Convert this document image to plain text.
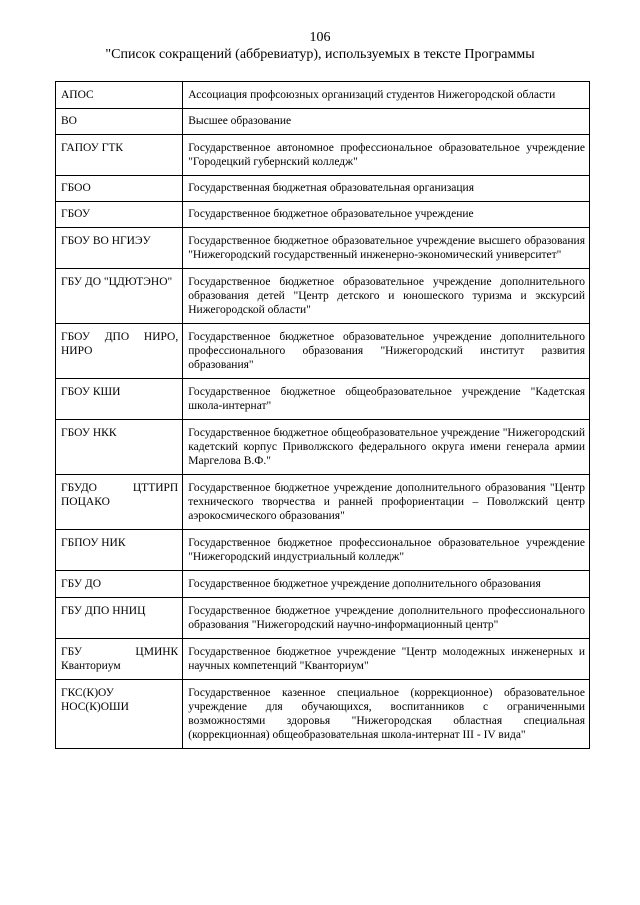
106
"Список сокращений (аббревиатур), используемых в тексте Программы
АПОС	Ассоциация профсоюзных организаций студентов Нижегородской области
ВО	Высшее образование
ГАПОУ ГТК	Государственное автономное профессиональное образовательное учреждение "Городецкий губернский колледж"
ГБОО	Государственная бюджетная образовательная организация
ГБОУ	Государственное бюджетное образовательное учреждение
ГБОУ ВО НГИЭУ	Государственное бюджетное образовательное учреждение высшего образования "Нижегородский государственный инженерно-экономический университет"
ГБУ ДО "ЦДЮТЭНО"	Государственное бюджетное образовательное учреждение дополнительного образования детей "Центр детского и юношеского туризма и экскурсий Нижегородской области"
ГБОУ ДПО НИРО, НИРО	Государственное бюджетное образовательное учреждение дополнительного профессионального образования "Нижегородский институт развития образования"
ГБОУ КШИ	Государственное бюджетное общеобразовательное учреждение "Кадетская школа-интернат"
ГБОУ НКК	Государственное бюджетное общеобразовательное учреждение "Нижегородский кадетский корпус Приволжского федерального округа имени генерала армии Маргелова В.Ф."
ГБУДО ЦТТИРП ПОЦАКО	Государственное бюджетное учреждение дополнительного образования "Центр технического творчества и ранней профориентации – Поволжский центр аэрокосмического образования"
ГБПОУ НИК	Государственное бюджетное профессиональное образовательное учреждение "Нижегородский индустриальный колледж"
ГБУ ДО	Государственное бюджетное учреждение дополнительного образования
ГБУ ДПО ННИЦ	Государственное бюджетное учреждение дополнительного профессионального образования "Нижегородский научно-информационный центр"
ГБУ ЦМИНК Кванториум	Государственное бюджетное учреждение "Центр молодежных инженерных и научных компетенций "Кванториум"
ГКС(К)ОУ НОС(К)ОШИ	Государственное казенное специальное (коррекционное) образовательное учреждение для обучающихся, воспитанников с ограниченными возможностями здоровья "Нижегородская областная специальная (коррекционная) общеобразовательная школа-интернат III - IV вида"
